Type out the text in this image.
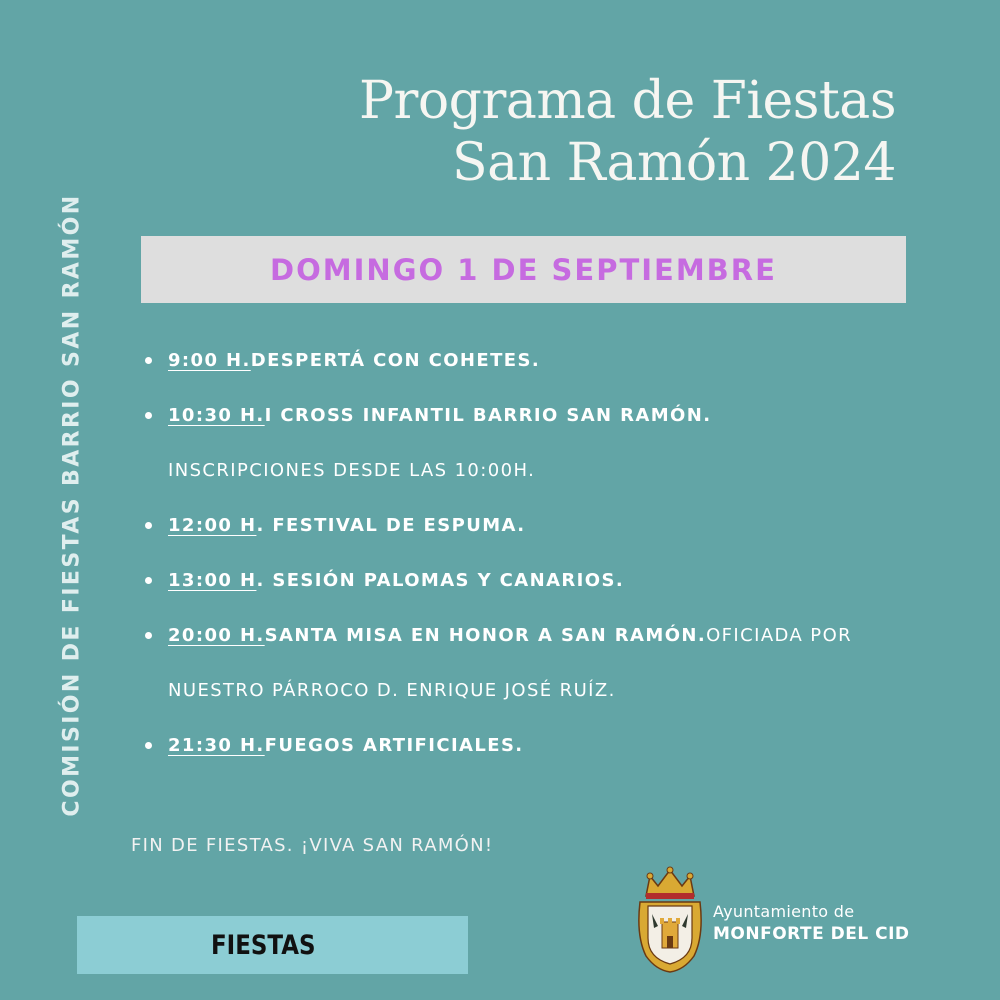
Programa de Fiestas
San Ramón 2024
COMISIÓN DE FIESTAS BARRIO SAN RAMÓN	DOMINGO 1 DE SEPTIEMBRE
9:00 H. DESPERTÁ CON COHETES.
10:30 H. I CROSS INFANTIL BARRIO SAN RAMÓN.
INSCRIPCIONES DESDE LAS 10:00H.
12:00 H . FESTIVAL DE ESPUMA.
13:00 H . SESIÓN PALOMAS Y CANARIOS.
20:00 H. SANTA MISA EN HONOR A SAN RAMÓN. OFICIADA POR
NUESTRO PÁRROCO D. ENRIQUE JOSÉ RUÍZ.
21:30 H. FUEGOS ARTIFICIALES.
FIN DE FIESTAS. ¡VIVA SAN RAMÓN!
FIESTAS
Ayuntamiento de
MONFORTE DEL CID
